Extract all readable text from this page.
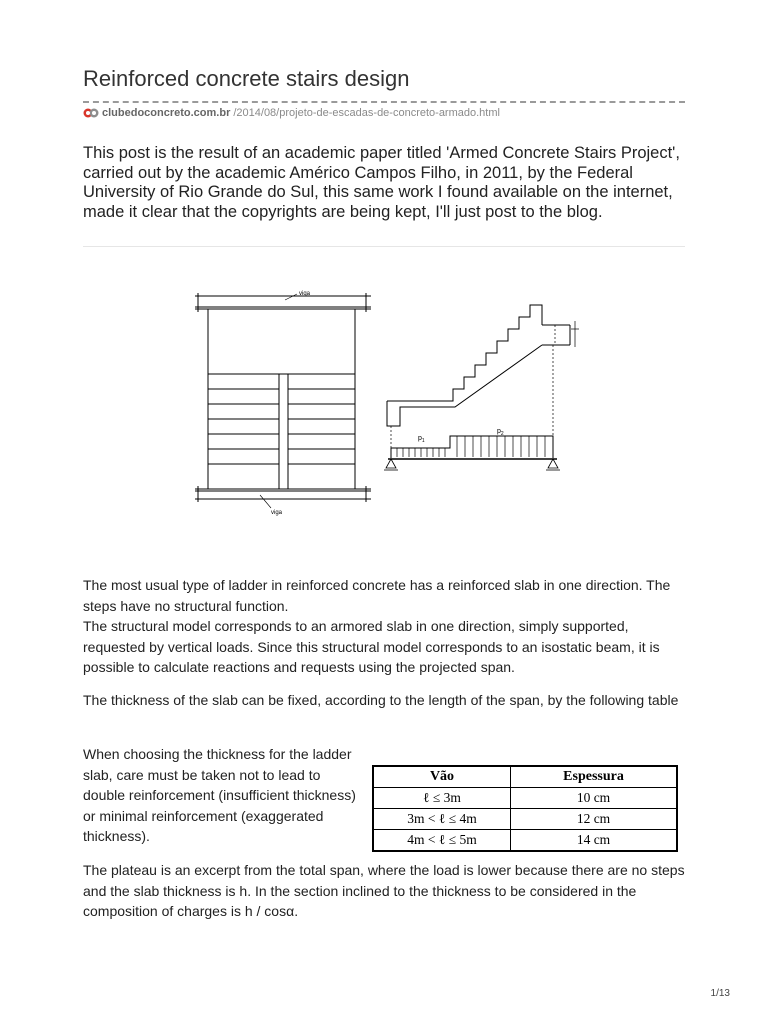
Reinforced concrete stairs design
clubedoconcreto.com.br /2014/08/projeto-de-escadas-de-concreto-armado.html

This post is the result of an academic paper titled 'Armed Concrete Stairs Project', carried out by the academic Américo Campos Filho, in 2011, by the Federal University of Rio Grande do Sul, this same work I found available on the internet, made it clear that the copyrights are being kept, I'll just post to the blog.

viga
viga
$p_1$
$p_2$
The most usual type of ladder in reinforced concrete has a reinforced slab in one direction. The steps have no structural function.
The structural model corresponds to an armored slab in one direction, simply supported, requested by vertical loads. Since this structural model corresponds to an isostatic beam, it is possible to calculate reactions and requests using the projected span.

The thickness of the slab can be fixed, according to the length of the span, by the following table

When choosing the thickness for the ladder slab, care must be taken not to lead to double reinforcement (insufficient thickness) or minimal reinforcement (exaggerated thickness).

Vão	Espessura
ℓ ≤ 3m	10 cm
3m < ℓ ≤ 4m	12 cm
4m < ℓ ≤ 5m	14 cm

The plateau is an excerpt from the total span, where the load is lower because there are no steps and the slab thickness is h. In the section inclined to the thickness to be considered in the composition of charges is h / cosα.

1/13
